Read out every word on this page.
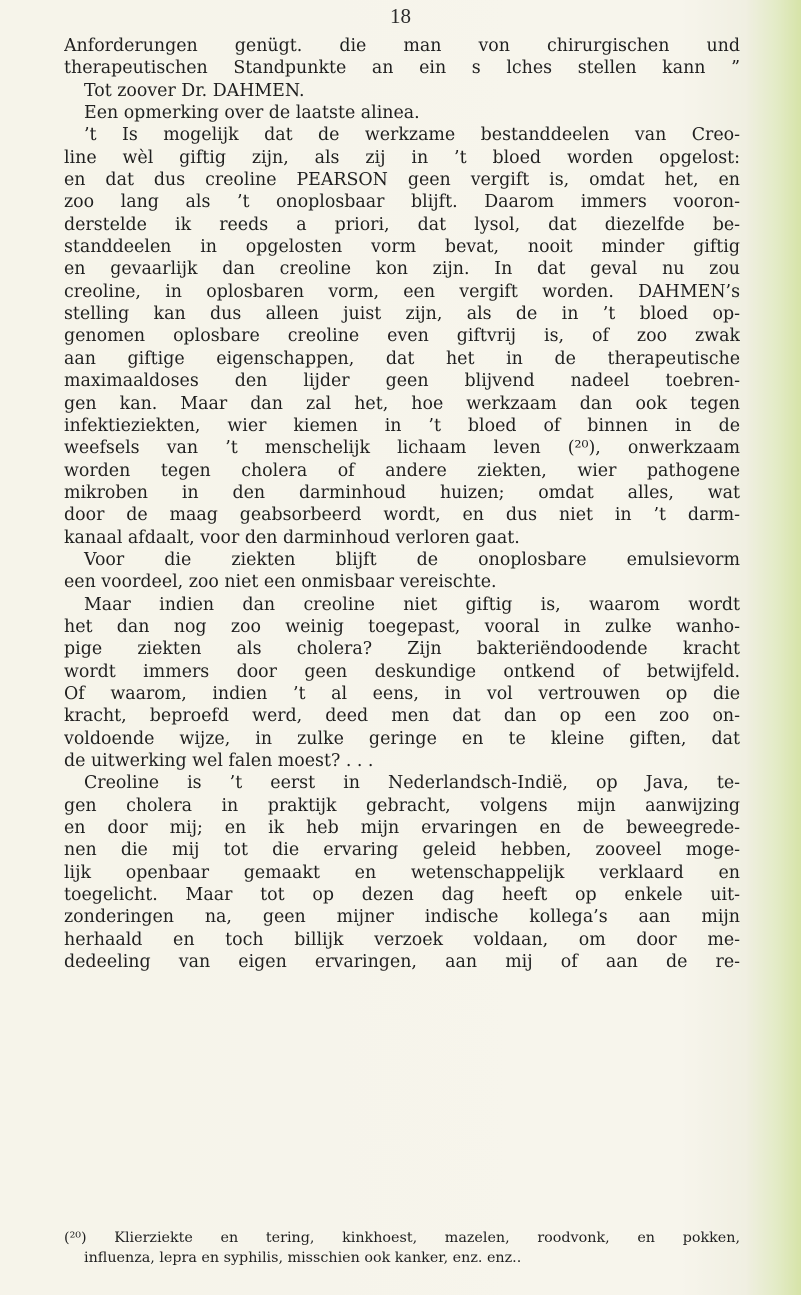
18
Anforderungen genügt. die man von chirurgischen und
therapeutischen Standpunkte an ein s lches stellen kann ”
Tot zoover Dr. DAHMEN.
Een opmerking over de laatste alinea.
’t Is mogelijk dat de werkzame bestanddeelen van Creo-
line wèl giftig zijn, als zij in ’t bloed worden opgelost:
en dat dus creoline PEARSON geen vergift is, omdat het, en
zoo lang als ’t onoplosbaar blijft. Daarom immers vooron-
derstelde ik reeds a priori, dat lysol, dat diezelfde be-
standdeelen in opgelosten vorm bevat, nooit minder giftig
en gevaarlijk dan creoline kon zijn. In dat geval nu zou
creoline, in oplosbaren vorm, een vergift worden. DAHMEN’s
stelling kan dus alleen juist zijn, als de in ’t bloed op-
genomen oplosbare creoline even giftvrij is, of zoo zwak
aan giftige eigenschappen, dat het in de therapeutische
maximaaldoses den lijder geen blijvend nadeel toebren-
gen kan. Maar dan zal het, hoe werkzaam dan ook tegen
infektieziekten, wier kiemen in ’t bloed of binnen in de
weefsels van ’t menschelijk lichaam leven (²⁰), onwerkzaam
worden tegen cholera of andere ziekten, wier pathogene
mikroben in den darminhoud huizen; omdat alles, wat
door de maag geabsorbeerd wordt, en dus niet in ’t darm-
kanaal afdaalt, voor den darminhoud verloren gaat.
Voor die ziekten blijft de onoplosbare emulsievorm
een voordeel, zoo niet een onmisbaar vereischte.
Maar indien dan creoline niet giftig is, waarom wordt
het dan nog zoo weinig toegepast, vooral in zulke wanho-
pige ziekten als cholera? Zijn bakteriëndoodende kracht
wordt immers door geen deskundige ontkend of betwijfeld.
Of waarom, indien ’t al eens, in vol vertrouwen op die
kracht, beproefd werd, deed men dat dan op een zoo on-
voldoende wijze, in zulke geringe en te kleine giften, dat
de uitwerking wel falen moest? . . .
Creoline is ’t eerst in Nederlandsch-Indië, op Java, te-
gen cholera in praktijk gebracht, volgens mijn aanwijzing
en door mij; en ik heb mijn ervaringen en de beweegrede-
nen die mij tot die ervaring geleid hebben, zooveel moge-
lijk openbaar gemaakt en wetenschappelijk verklaard en
toegelicht. Maar tot op dezen dag heeft op enkele uit-
zonderingen na, geen mijner indische kollega’s aan mijn
herhaald en toch billijk verzoek voldaan, om door me-
dedeeling van eigen ervaringen, aan mij of aan de re-
(²⁰) Klierziekte en tering, kinkhoest, mazelen, roodvonk, en pokken,
influenza, lepra en syphilis, misschien ook kanker, enz. enz..
